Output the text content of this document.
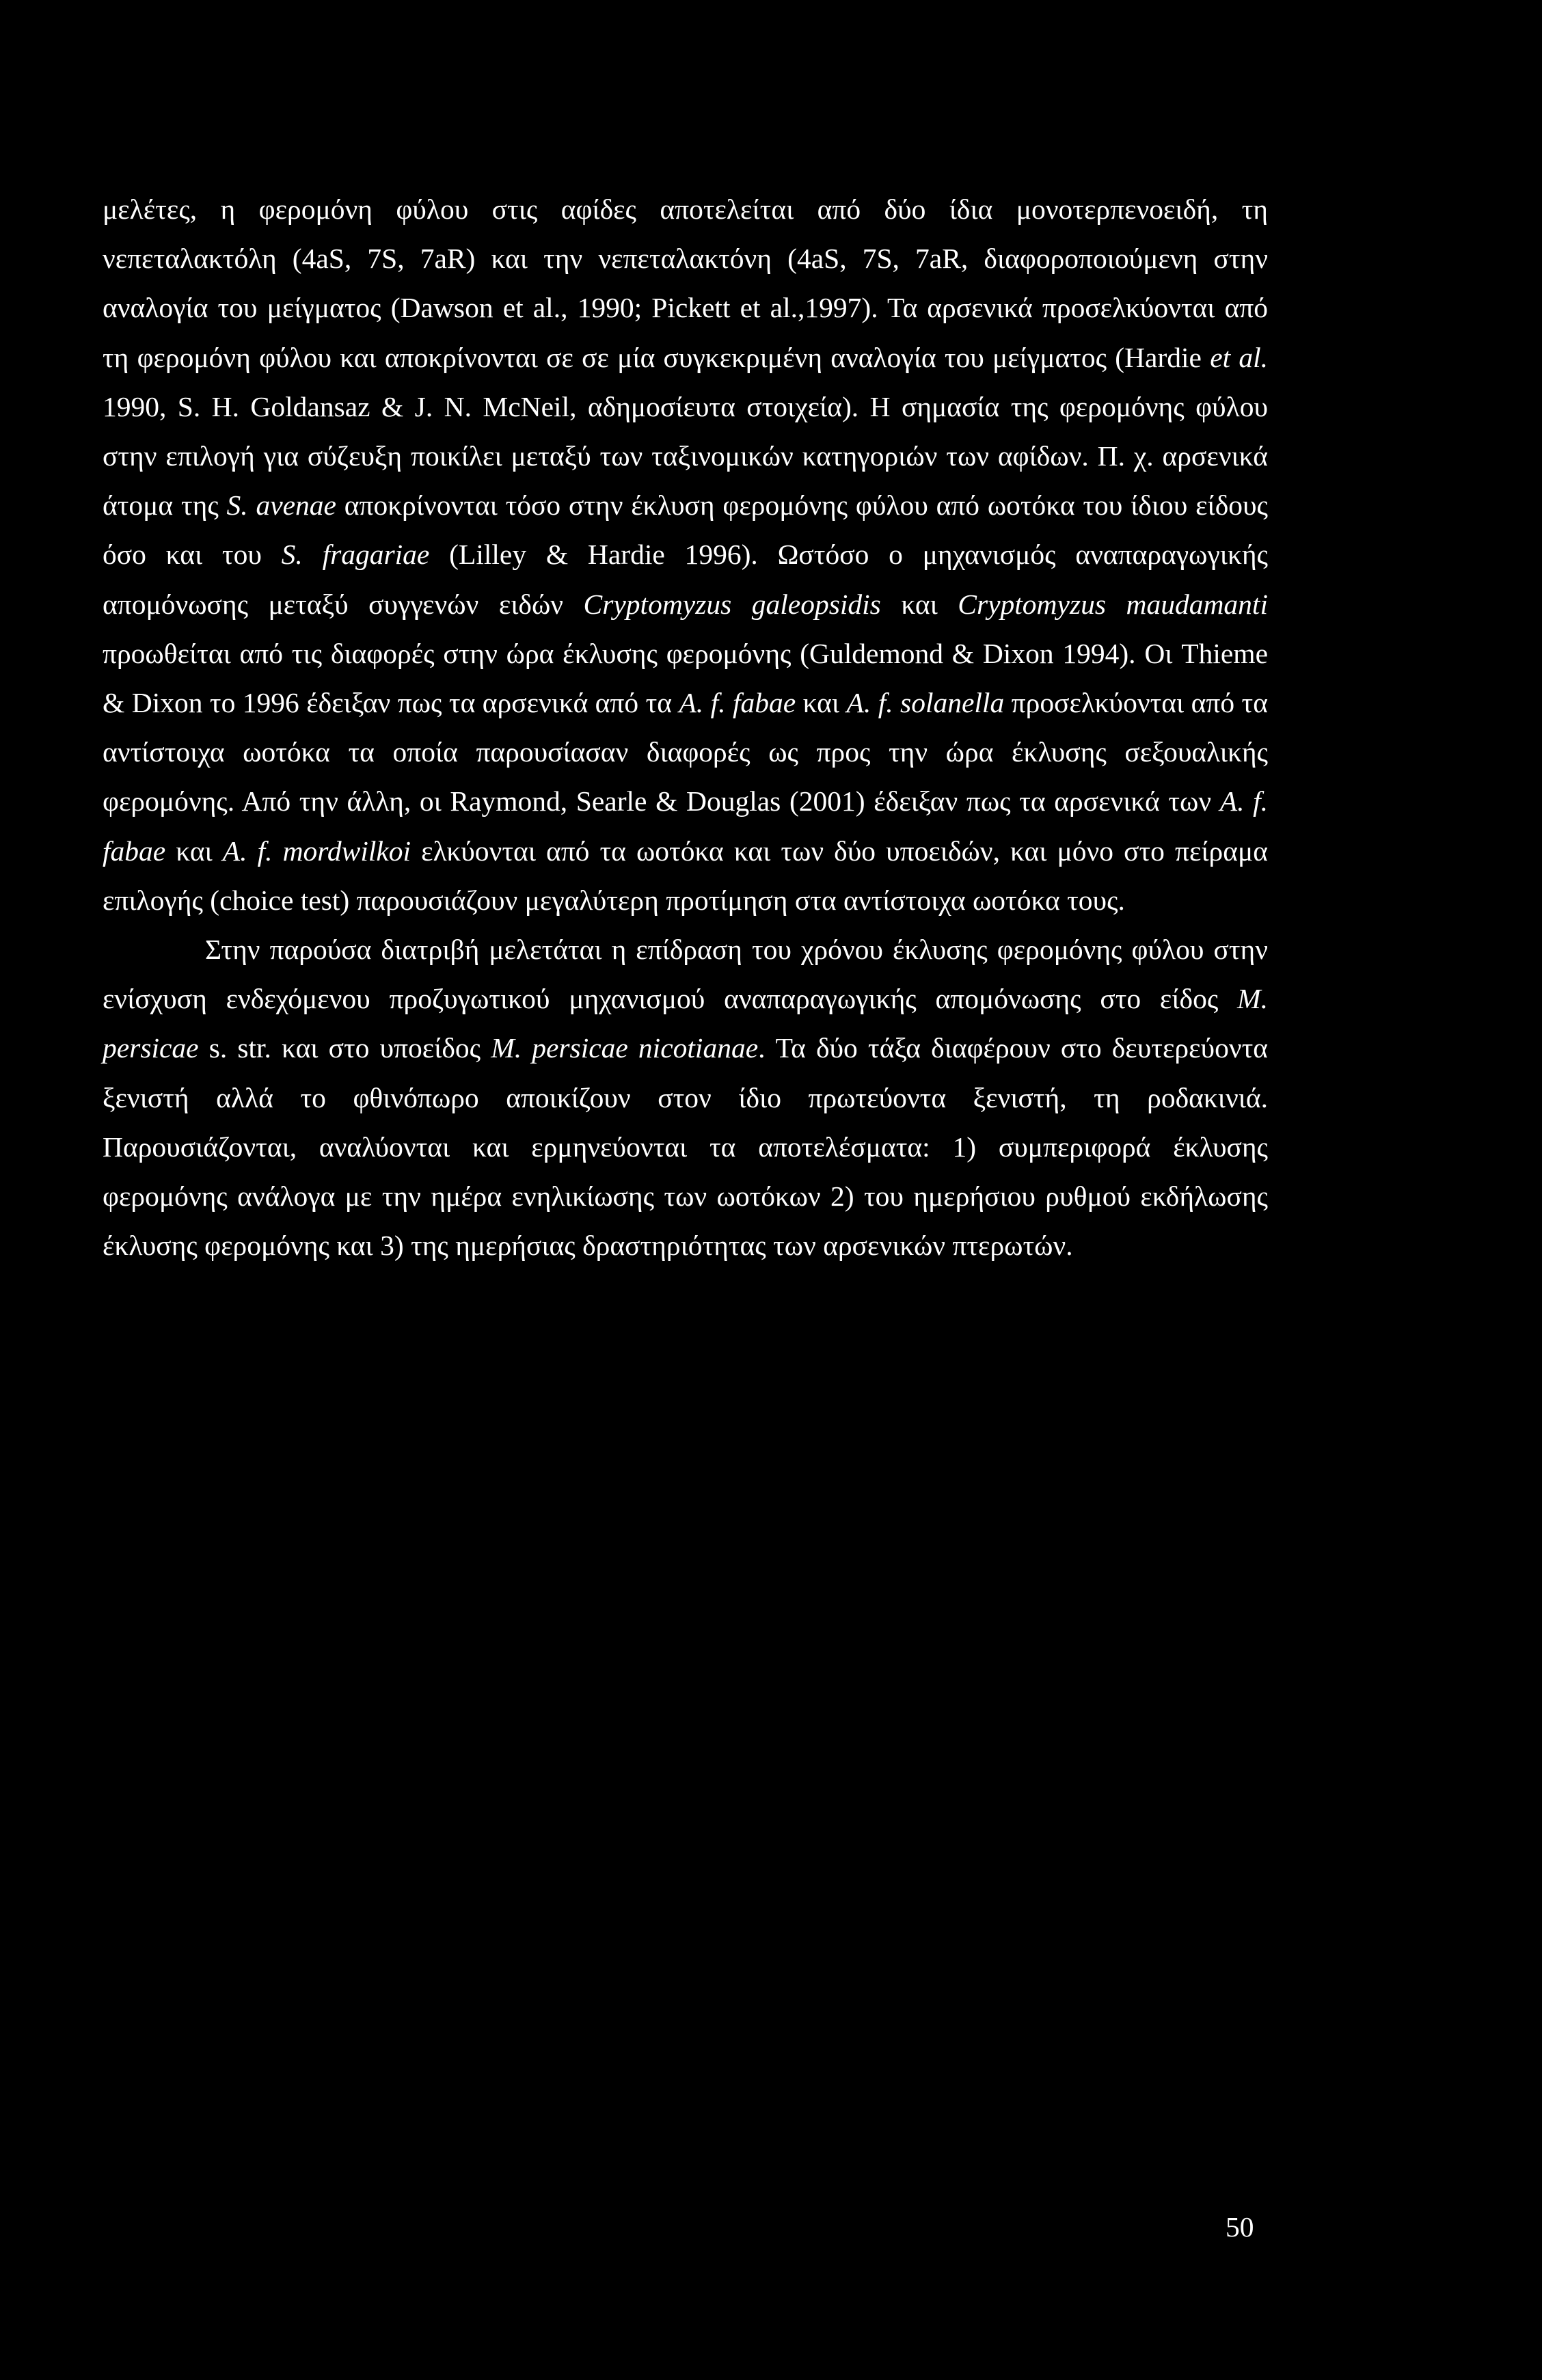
μελέτες, η φερομόνη φύλου στις αφίδες αποτελείται από δύο ίδια μονοτερπενοειδή, τη νεπεταλακτόλη (4aS, 7S, 7aR) και την νεπεταλακτόνη (4aS, 7S, 7aR, διαφοροποιούμενη στην αναλογία του μείγματος (Dawson et al., 1990; Pickett et al.,1997). Τα αρσενικά προσελκύονται από τη φερομόνη φύλου και αποκρίνονται σε σε μία συγκεκριμένη αναλογία του μείγματος (Hardie et al. 1990, S. H. Goldansaz & J. N. McNeil, αδημοσίευτα στοιχεία). Η σημασία της φερομόνης φύλου στην επιλογή για σύζευξη ποικίλει μεταξύ των ταξινομικών κατηγοριών των αφίδων. Π. χ. αρσενικά άτομα της S. avenae αποκρίνονται τόσο στην έκλυση φερομόνης φύλου από ωοτόκα του ίδιου είδους όσο και του S. fragariae (Lilley & Hardie 1996). Ωστόσο ο μηχανισμός αναπαραγωγικής απομόνωσης μεταξύ συγγενών ειδών Cryptomyzus galeopsidis και Cryptomyzus maudamanti προωθείται από τις διαφορές στην ώρα έκλυσης φερομόνης (Guldemond & Dixon 1994). Οι Thieme & Dixon το 1996 έδειξαν πως τα αρσενικά από τα A. f. fabae και A. f. solanella προσελκύονται από τα αντίστοιχα ωοτόκα τα οποία παρουσίασαν διαφορές ως προς την ώρα έκλυσης σεξουαλικής φερομόνης. Από την άλλη, οι Raymond, Searle & Douglas (2001) έδειξαν πως τα αρσενικά των A. f. fabae και A. f. mordwilkoi ελκύονται από τα ωοτόκα και των δύο υποειδών, και μόνο στο πείραμα επιλογής (choice test) παρουσιάζουν μεγαλύτερη προτίμηση στα αντίστοιχα ωοτόκα τους.

Στην παρούσα διατριβή μελετάται η επίδραση του χρόνου έκλυσης φερομόνης φύλου στην ενίσχυση ενδεχόμενου προζυγωτικού μηχανισμού αναπαραγωγικής απομόνωσης στο είδος M. persicae s. str. και στο υποείδος M. persicae nicotianae. Τα δύο τάξα διαφέρουν στο δευτερεύοντα ξενιστή αλλά το φθινόπωρο αποικίζουν στον ίδιο πρωτεύοντα ξενιστή, τη ροδακινιά. Παρουσιάζονται, αναλύονται και ερμηνεύονται τα αποτελέσματα: 1) συμπεριφορά έκλυσης φερομόνης ανάλογα με την ημέρα ενηλικίωσης των ωοτόκων 2) του ημερήσιου ρυθμού εκδήλωσης έκλυσης φερομόνης και 3) της ημερήσιας δραστηριότητας των αρσενικών πτερωτών.

50
